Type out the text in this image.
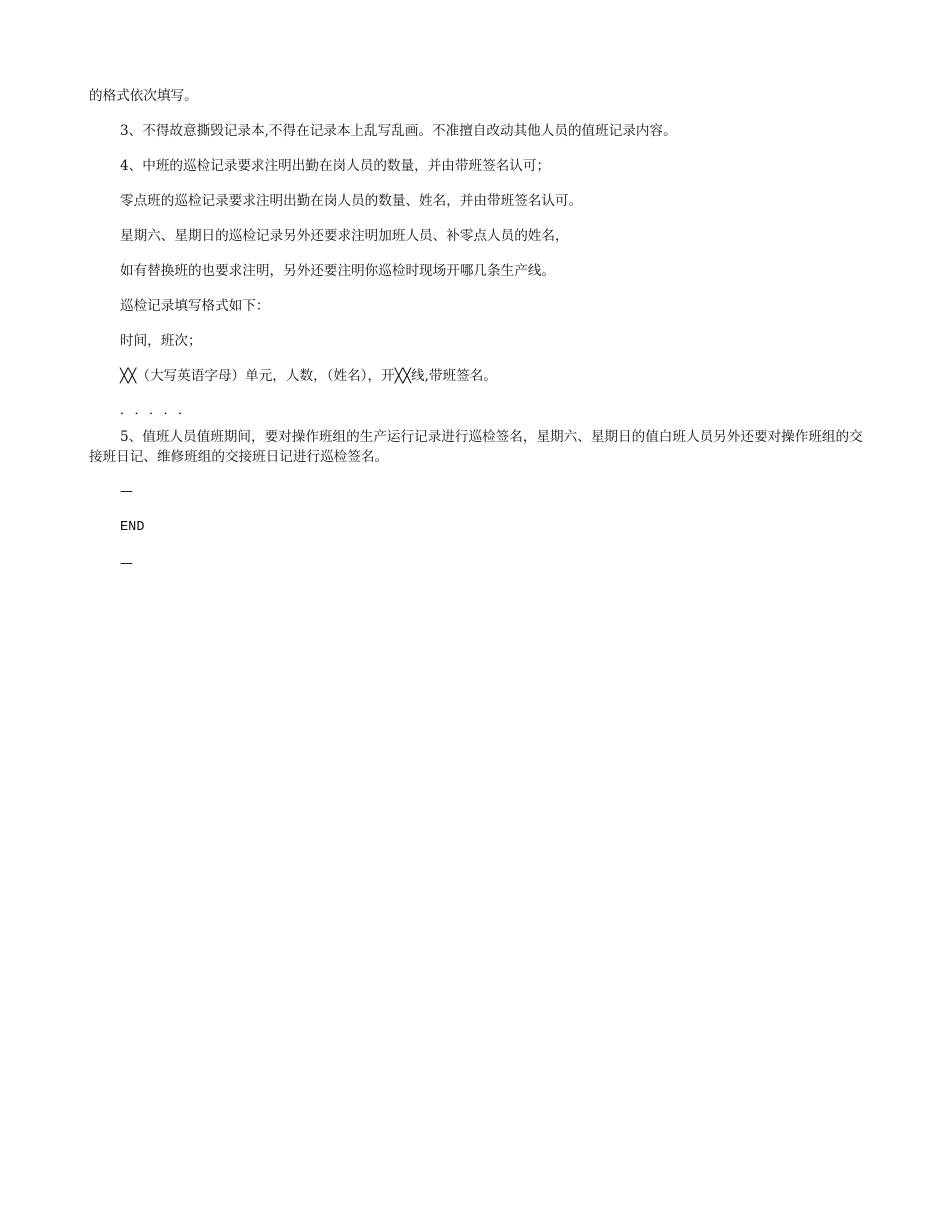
的格式依次填写。

3、不得故意撕毁记录本,不得在记录本上乱写乱画。不准擅自改动其他人员的值班记录内容。

4、中班的巡检记录要求注明出勤在岗人员的数量，并由带班签名认可；

零点班的巡检记录要求注明出勤在岗人员的数量、姓名，并由带班签名认可。

星期六、星期日的巡检记录另外还要求注明加班人员、补零点人员的姓名，

如有替换班的也要求注明，另外还要注明你巡检时现场开哪几条生产线。

巡检记录填写格式如下：

时间，班次；

╳╳（大写英语字母）单元，人数，（姓名），开╳╳线,带班签名。

．．．．．

5、值班人员值班期间，要对操作班组的生产运行记录进行巡检签名，星期六、星期日的值白班人员另外还要对操作班组的交接班日记、维修班组的交接班日记进行巡检签名。

—

END

—
